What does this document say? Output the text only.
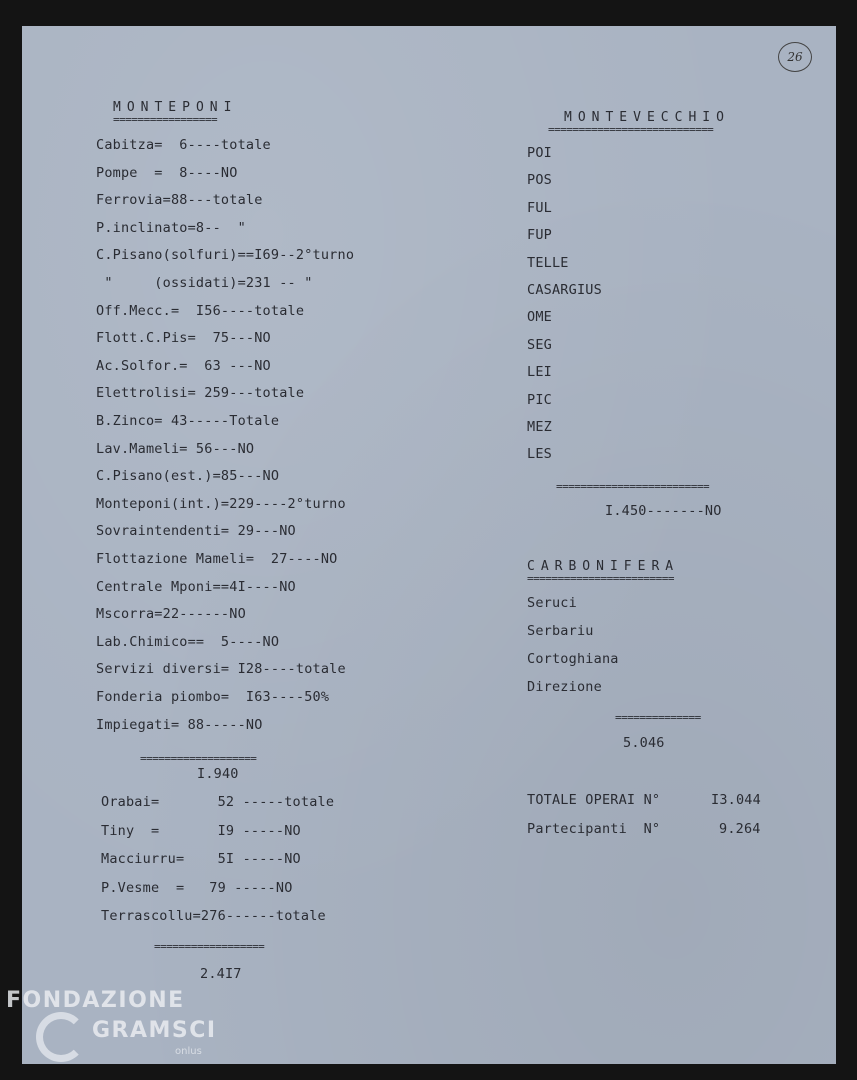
26
MONTEPONI
=================
Cabitza=  6----totale
Pompe  =  8----NO
Ferrovia=88---totale
P.inclinato=8--  "
C.Pisano(solfuri)==I69--2°turno
"     (ossidati)=231 -- "
Off.Mecc.=  I56----totale
Flott.C.Pis=  75---NO
Ac.Solfor.=  63 ---NO
Elettrolisi= 259---totale
B.Zinco= 43-----Totale
Lav.Mameli= 56---NO
C.Pisano(est.)=85---NO
Monteponi(int.)=229----2°turno
Sovraintendenti= 29---NO
Flottazione Mameli=  27----NO
Centrale Mponi==4I----NO
Mscorra=22------NO
Lab.Chimico==  5----NO
Servizi diversi= I28----totale
Fonderia piombo=  I63----50%
Impiegati= 88-----NO
===================
I.940
Orabai=       52 -----totale
Tiny  =       I9 -----NO
Macciurru=    5I -----NO
P.Vesme  =   79 -----NO
Terrascollu=276------totale
==================
2.4I7
MONTEVECCHIO
===========================
POI
POS
FUL
FUP
TELLE
CASARGIUS
OME
SEG
LEI
PIC
MEZ
LES
=========================
I.450-------NO
CARBONIFERA
========================
Seruci
Serbariu
Cortoghiana
Direzione
==============
5.046
TOTALE OPERAI N°	I3.044
Partecipanti  N°	9.264
FONDAZIONE
GRAMSCI
onlus
